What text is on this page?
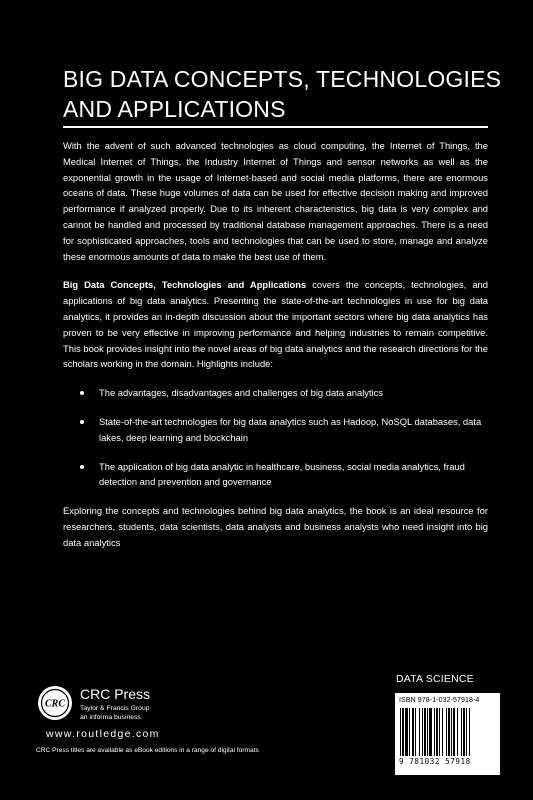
BIG DATA CONCEPTS, TECHNOLOGIES AND APPLICATIONS

With the advent of such advanced technologies as cloud computing, the Internet of Things, the Medical Internet of Things, the Industry Internet of Things and sensor networks as well as the exponential growth in the usage of Internet-based and social media platforms, there are enormous oceans of data. These huge volumes of data can be used for effective decision making and improved performance if analyzed properly. Due to its inherent characteristics, big data is very complex and cannot be handled and processed by traditional database management approaches. There is a need for sophisticated approaches, tools and technologies that can be used to store, manage and analyze these enormous amounts of data to make the best use of them.

Big Data Concepts, Technologies and Applications covers the concepts, technologies, and applications of big data analytics. Presenting the state-of-the-art technologies in use for big data analytics, it provides an in-depth discussion about the important sectors where big data analytics has proven to be very effective in improving performance and helping industries to remain competitive. This book provides insight into the novel areas of big data analytics and the research directions for the scholars working in the domain. Highlights include:

The advantages, disadvantages and challenges of big data analytics
State-of-the-art technologies for big data analytics such as Hadoop, NoSQL databases, data lakes, deep learning and blockchain
The application of big data analytic in healthcare, business, social media analytics, fraud detection and prevention and governance

Exploring the concepts and technologies behind big data analytics, the book is an ideal resource for researchers, students, data scientists, data analysts and business analysts who need insight into big data analytics

DATA SCIENCE
ISBN 978-1-032-57918-4
9 781032 57918
CRC
CRC Press
Taylor & Francis Group
an informa business
www.routledge.com
CRC Press titles are available as eBook editions in a range of digital formats
